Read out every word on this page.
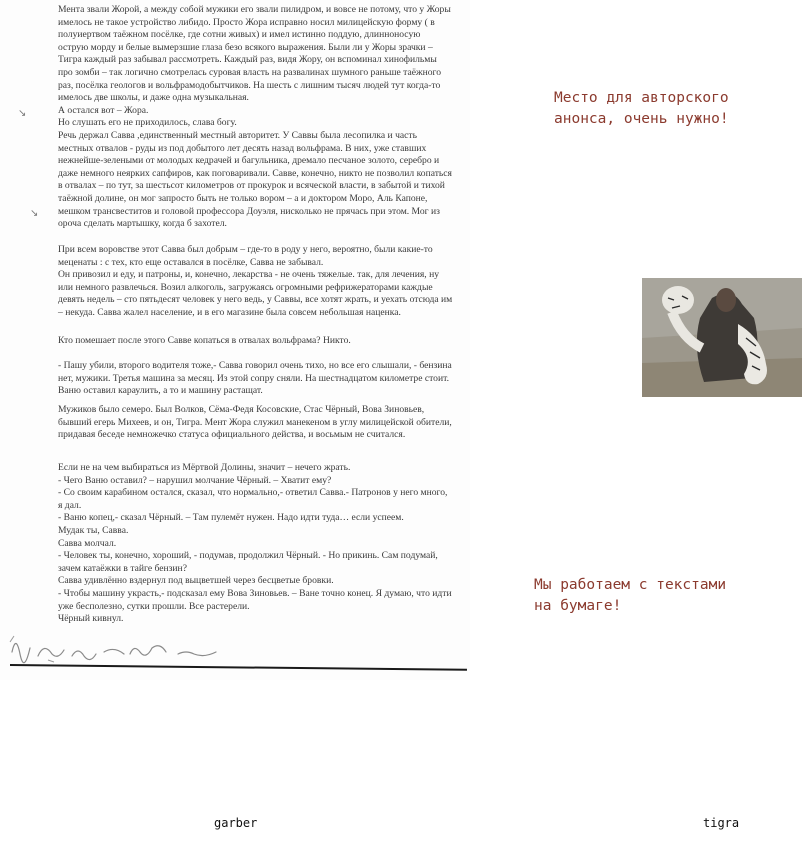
Мента звали Жорой, а между собой мужики его звали пилидром, и вовсе не потому, что у Жоры имелось не такое устройство либидо. Просто Жора исправно носил милицейскую форму ( в полуиертвом таёжном посёлке, где сотни живых) и имел истинно поддую, длинноносую острую морду и белые вымерзшие глаза безо всякого выражения. Были ли у Жоры зрачки – Тигра каждый раз забывал рассмотреть. Каждый раз, видя Жору, он вспоминал хинофильмы про зомби – так логично смотрелась суровая власть на развалинах шумного раньше таёжного раз, посёлка геологов и вольфрамодобытчиков. На шесть с лишним тысяч людей тут когда-то имелось две школы, и даже одна музыкальная.
А остался вот – Жора.
Но слушать его не приходилось, слава богу.
Речь держал Савва ,единственный местный авторитет. У Саввы была лесопилка и часть местных отвалов - руды из под добытого лет десять назад вольфрама. В них, уже ставших нежнейше-зелеными от молодых кедрачей и багульника, дремало песчаное золото, серебро и даже немного неярких сапфиров, как поговаривали. Савве, конечно, никто не позволил копаться в отвалах – по тут, за шестьсот километров от прокурок и всяческой власти, в забытой и тихой таёжной долине, он мог запросто быть не только вором – а и доктором Моро, Аль Капоне, мешком трансвеститов и головой профессора Доуэля, нисколько не прячась при этом. Мог из ороча сделать мартышку, когда б захотел.

При всем воровстве этот Савва был добрым – где-то в роду у него, вероятно, были какие-то меценаты : с тех, кто еще оставался в посёлке, Савва не забывал.
Он привозил и еду, и патроны, и, конечно, лекарства - не очень тяжелые. так, для лечения, ну или немного развлечься. Возил алкоголь, загружаясь огромными рефрижераторами каждые девять недель – сто пятьдесят человек у него ведь, у Саввы, все хотят жрать, и уехать отсюда им – некуда. Савва жалел население, и в его магазине была совсем небольшая наценка.

Кто помешает после этого Савве копаться в отвалах вольфрама? Никто.

- Пашу убили, второго водителя тоже,- Савва говорил очень тихо, но все его слышали, - бензина нет, мужики. Третья машина за месяц. Из этой сопру сняли. На шестнадцатом километре стоит. Ваню оставил караулить, а то и машину растащат.

Мужиков было семеро. Был Волков, Сёма-Федя Косовские, Стас Чёрный, Вова Зиновьев, бывший егерь Михеев, и он, Тигра. Мент Жора служил манекеном в углу милицейской обители, придавая беседе немножечко статуса официального действа, и восьмым не считался.

Если не на чем выбираться из Мёртвой Долины, значит – нечего жрать.
- Чего Ваню оставил? – нарушил молчание Чёрный. – Хватит ему?
- Со своим карабином остался, сказал, что нормально,- ответил Савва.- Патронов у него много, я дал.
- Ваню копец,- сказал Чёрный. – Там пулемёт нужен. Надо идти туда… если успеем.
Мудак ты, Савва.
Савва молчал.
- Человек ты, конечно, хороший, - подумав, продолжил Чёрный. - Но прикинь. Сам подумай, зачем катаёжки в тайге бензин?
Савва удивлённо вздернул под выцветшей через бесцветые бровки.
- Чтобы машину украсть,- подсказал ему Вова Зиновьев. – Ване точно конец. Я думаю, что идти уже бесполезно, сутки прошли. Все растерели.
Чёрный кивнул.

↘
↘

Место для авторского
анонса, очень нужно!

Мы работаем с текстами
на бумаге!

garber	tigra
